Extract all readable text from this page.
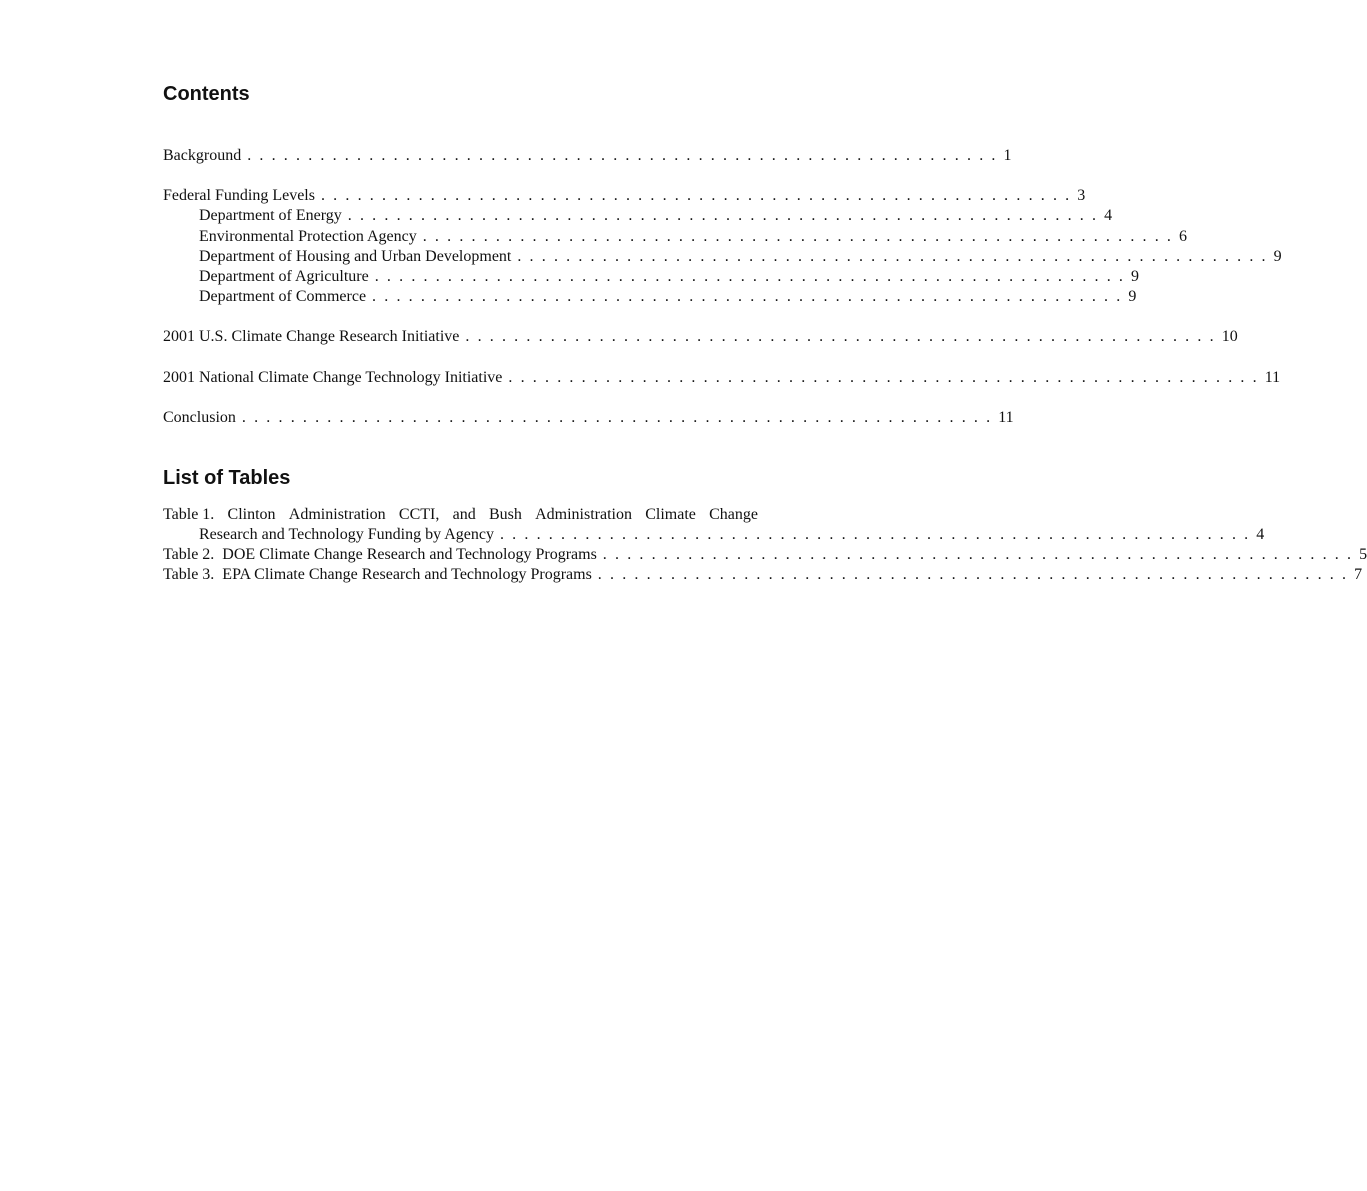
Contents
Background . . . . . . . . . . . . . . . . . . . . . . . . . . . . . . . . . . . . . . . . . . . . . . . . . . . . . . . . . . . . . . 1
Federal Funding Levels . . . . . . . . . . . . . . . . . . . . . . . . . . . . . . . . . . . . . . . . . . . . . . . . . . . . . . . . . . . . . . 3
Department of Energy . . . . . . . . . . . . . . . . . . . . . . . . . . . . . . . . . . . . . . . . . . . . . . . . . . . . . . . . . . . . . . 4
Environmental Protection Agency . . . . . . . . . . . . . . . . . . . . . . . . . . . . . . . . . . . . . . . . . . . . . . . . . . . . . . . . . . . . . . 6
Department of Housing and Urban Development . . . . . . . . . . . . . . . . . . . . . . . . . . . . . . . . . . . . . . . . . . . . . . . . . . . . . . . . . . . . . . 9
Department of Agriculture . . . . . . . . . . . . . . . . . . . . . . . . . . . . . . . . . . . . . . . . . . . . . . . . . . . . . . . . . . . . . . 9
Department of Commerce . . . . . . . . . . . . . . . . . . . . . . . . . . . . . . . . . . . . . . . . . . . . . . . . . . . . . . . . . . . . . . 9
2001 U.S. Climate Change Research Initiative . . . . . . . . . . . . . . . . . . . . . . . . . . . . . . . . . . . . . . . . . . . . . . . . . . . . . . . . . . . . . . 10
2001 National Climate Change Technology Initiative . . . . . . . . . . . . . . . . . . . . . . . . . . . . . . . . . . . . . . . . . . . . . . . . . . . . . . . . . . . . . . 11
Conclusion . . . . . . . . . . . . . . . . . . . . . . . . . . . . . . . . . . . . . . . . . . . . . . . . . . . . . . . . . . . . . . 11
List of Tables
Table 1. Clinton Administration CCTI, and Bush Administration Climate Change
Research and Technology Funding by Agency . . . . . . . . . . . . . . . . . . . . . . . . . . . . . . . . . . . . . . . . . . . . . . . . . . . . . . . . . . . . . . 4
Table 2.  DOE Climate Change Research and Technology Programs . . . . . . . . . . . . . . . . . . . . . . . . . . . . . . . . . . . . . . . . . . . . . . . . . . . . . . . . . . . . . . 5
Table 3.  EPA Climate Change Research and Technology Programs . . . . . . . . . . . . . . . . . . . . . . . . . . . . . . . . . . . . . . . . . . . . . . . . . . . . . . . . . . . . . . 7
